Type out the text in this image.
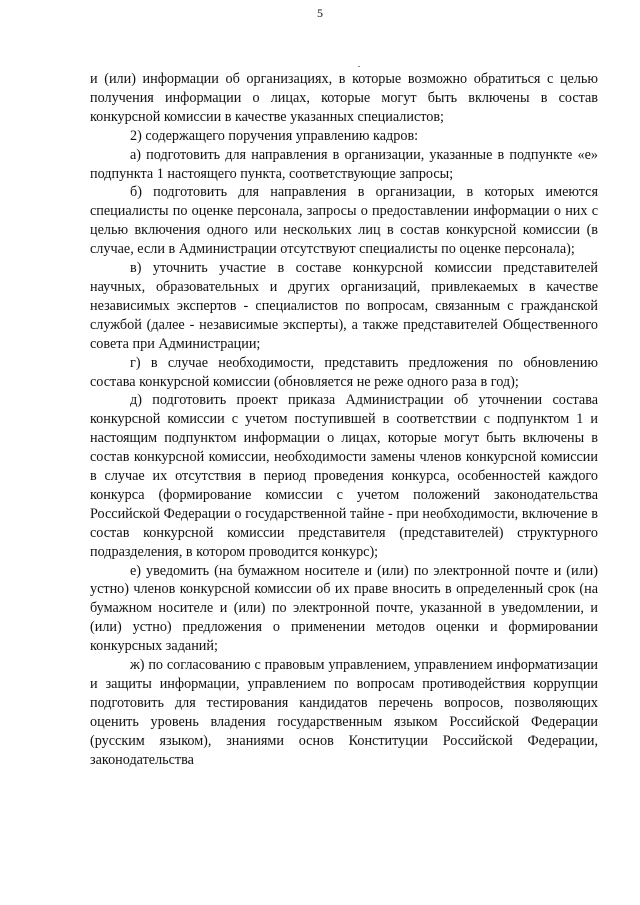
5

и (или) информации об организациях, в которые возможно обратиться с целью получения информации о лицах, которые могут быть включены в состав конкурсной комиссии в качестве указанных специалистов;

2) содержащего поручения управлению кадров:

а) подготовить для направления в организации, указанные в подпункте «е» подпункта 1 настоящего пункта, соответствующие запросы;

б) подготовить для направления в организации, в которых имеются специалисты по оценке персонала, запросы о предоставлении информации о них с целью включения одного или нескольких лиц в состав конкурсной комиссии (в случае, если в Администрации отсутствуют специалисты по оценке персонала);

в) уточнить участие в составе конкурсной комиссии представителей научных, образовательных и других организаций, привлекаемых в качестве независимых экспертов - специалистов по вопросам, связанным с гражданской службой (далее - независимые эксперты), а также представителей Общественного совета при Администрации;

г) в случае необходимости, представить предложения по обновлению состава конкурсной комиссии (обновляется не реже одного раза в год);

д) подготовить проект приказа Администрации об уточнении состава конкурсной комиссии с учетом поступившей в соответствии с подпунктом 1 и настоящим подпунктом информации о лицах, которые могут быть включены в состав конкурсной комиссии, необходимости замены членов конкурсной комиссии в случае их отсутствия в период проведения конкурса, особенностей каждого конкурса (формирование комиссии с учетом положений законодательства Российской Федерации о государственной тайне - при необходимости, включение в состав конкурсной комиссии представителя (представителей) структурного подразделения, в котором проводится конкурс);

е) уведомить (на бумажном носителе и (или) по электронной почте и (или) устно) членов конкурсной комиссии об их праве вносить в определенный срок (на бумажном носителе и (или) по электронной почте, указанной в уведомлении, и (или) устно) предложения о применении методов оценки и формировании конкурсных заданий;

ж) по согласованию с правовым управлением, управлением информатизации и защиты информации, управлением по вопросам противодействия коррупции подготовить для тестирования кандидатов перечень вопросов, позволяющих оценить уровень владения государственным языком Российской Федерации (русским языком), знаниями основ Конституции Российской Федерации, законодательства
